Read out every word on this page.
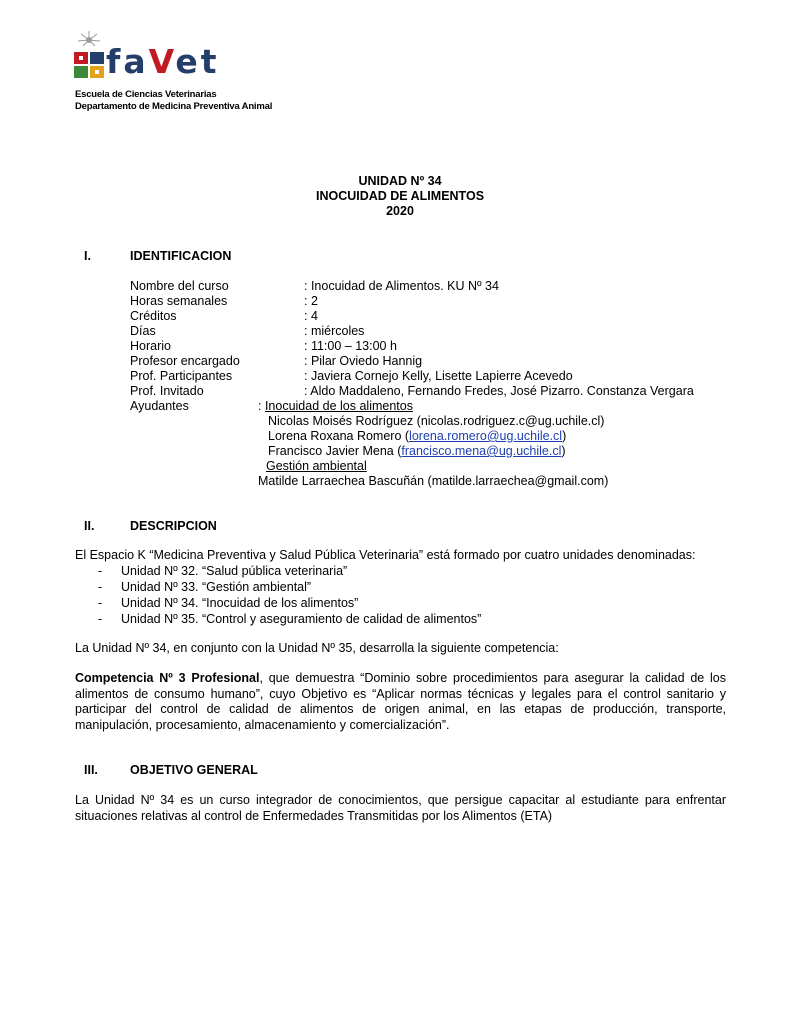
faVet
Escuela de Ciencias Veterinarias
Departamento de Medicina Preventiva Animal
UNIDAD Nº 34
INOCUIDAD DE ALIMENTOS
2020
I.	IDENTIFICACION
Nombre del curso	: Inocuidad de Alimentos. KU Nº 34
Horas semanales	: 2
Créditos	: 4
Días	: miércoles
Horario	: 11:00 – 13:00 h
Profesor encargado	: Pilar Oviedo Hannig
Prof. Participantes	: Javiera Cornejo Kelly, Lisette Lapierre Acevedo
Prof. Invitado	: Aldo Maddaleno, Fernando Fredes, José Pizarro. Constanza Vergara
Ayudantes	: Inocuidad de los alimentos
Nicolas Moisés Rodríguez (nicolas.rodriguez.c@ug.uchile.cl)
Lorena Roxana Romero (lorena.romero@ug.uchile.cl)
Francisco Javier Mena (francisco.mena@ug.uchile.cl)
Gestión ambiental
Matilde Larraechea Bascuñán (matilde.larraechea@gmail.com)
II.	DESCRIPCION
El Espacio K “Medicina Preventiva y Salud Pública Veterinaria” está formado por cuatro unidades denominadas:
- Unidad Nº 32. “Salud pública veterinaria”
- Unidad Nº 33. “Gestión ambiental”
- Unidad Nº 34. “Inocuidad de los alimentos”
- Unidad Nº 35. “Control y aseguramiento de calidad de alimentos”
La Unidad Nº 34, en conjunto con la Unidad Nº 35, desarrolla la siguiente competencia:
Competencia Nº 3 Profesional, que demuestra “Dominio sobre procedimientos para asegurar la calidad de los alimentos de consumo humano”, cuyo Objetivo es “Aplicar normas técnicas y legales para el control sanitario y participar del control de calidad de alimentos de origen animal, en las etapas de producción, transporte, manipulación, procesamiento, almacenamiento y comercialización”.
III.	OBJETIVO GENERAL
La Unidad Nº 34 es un curso integrador de conocimientos, que persigue capacitar al estudiante para enfrentar situaciones relativas al control de Enfermedades Transmitidas por los Alimentos (ETA)
